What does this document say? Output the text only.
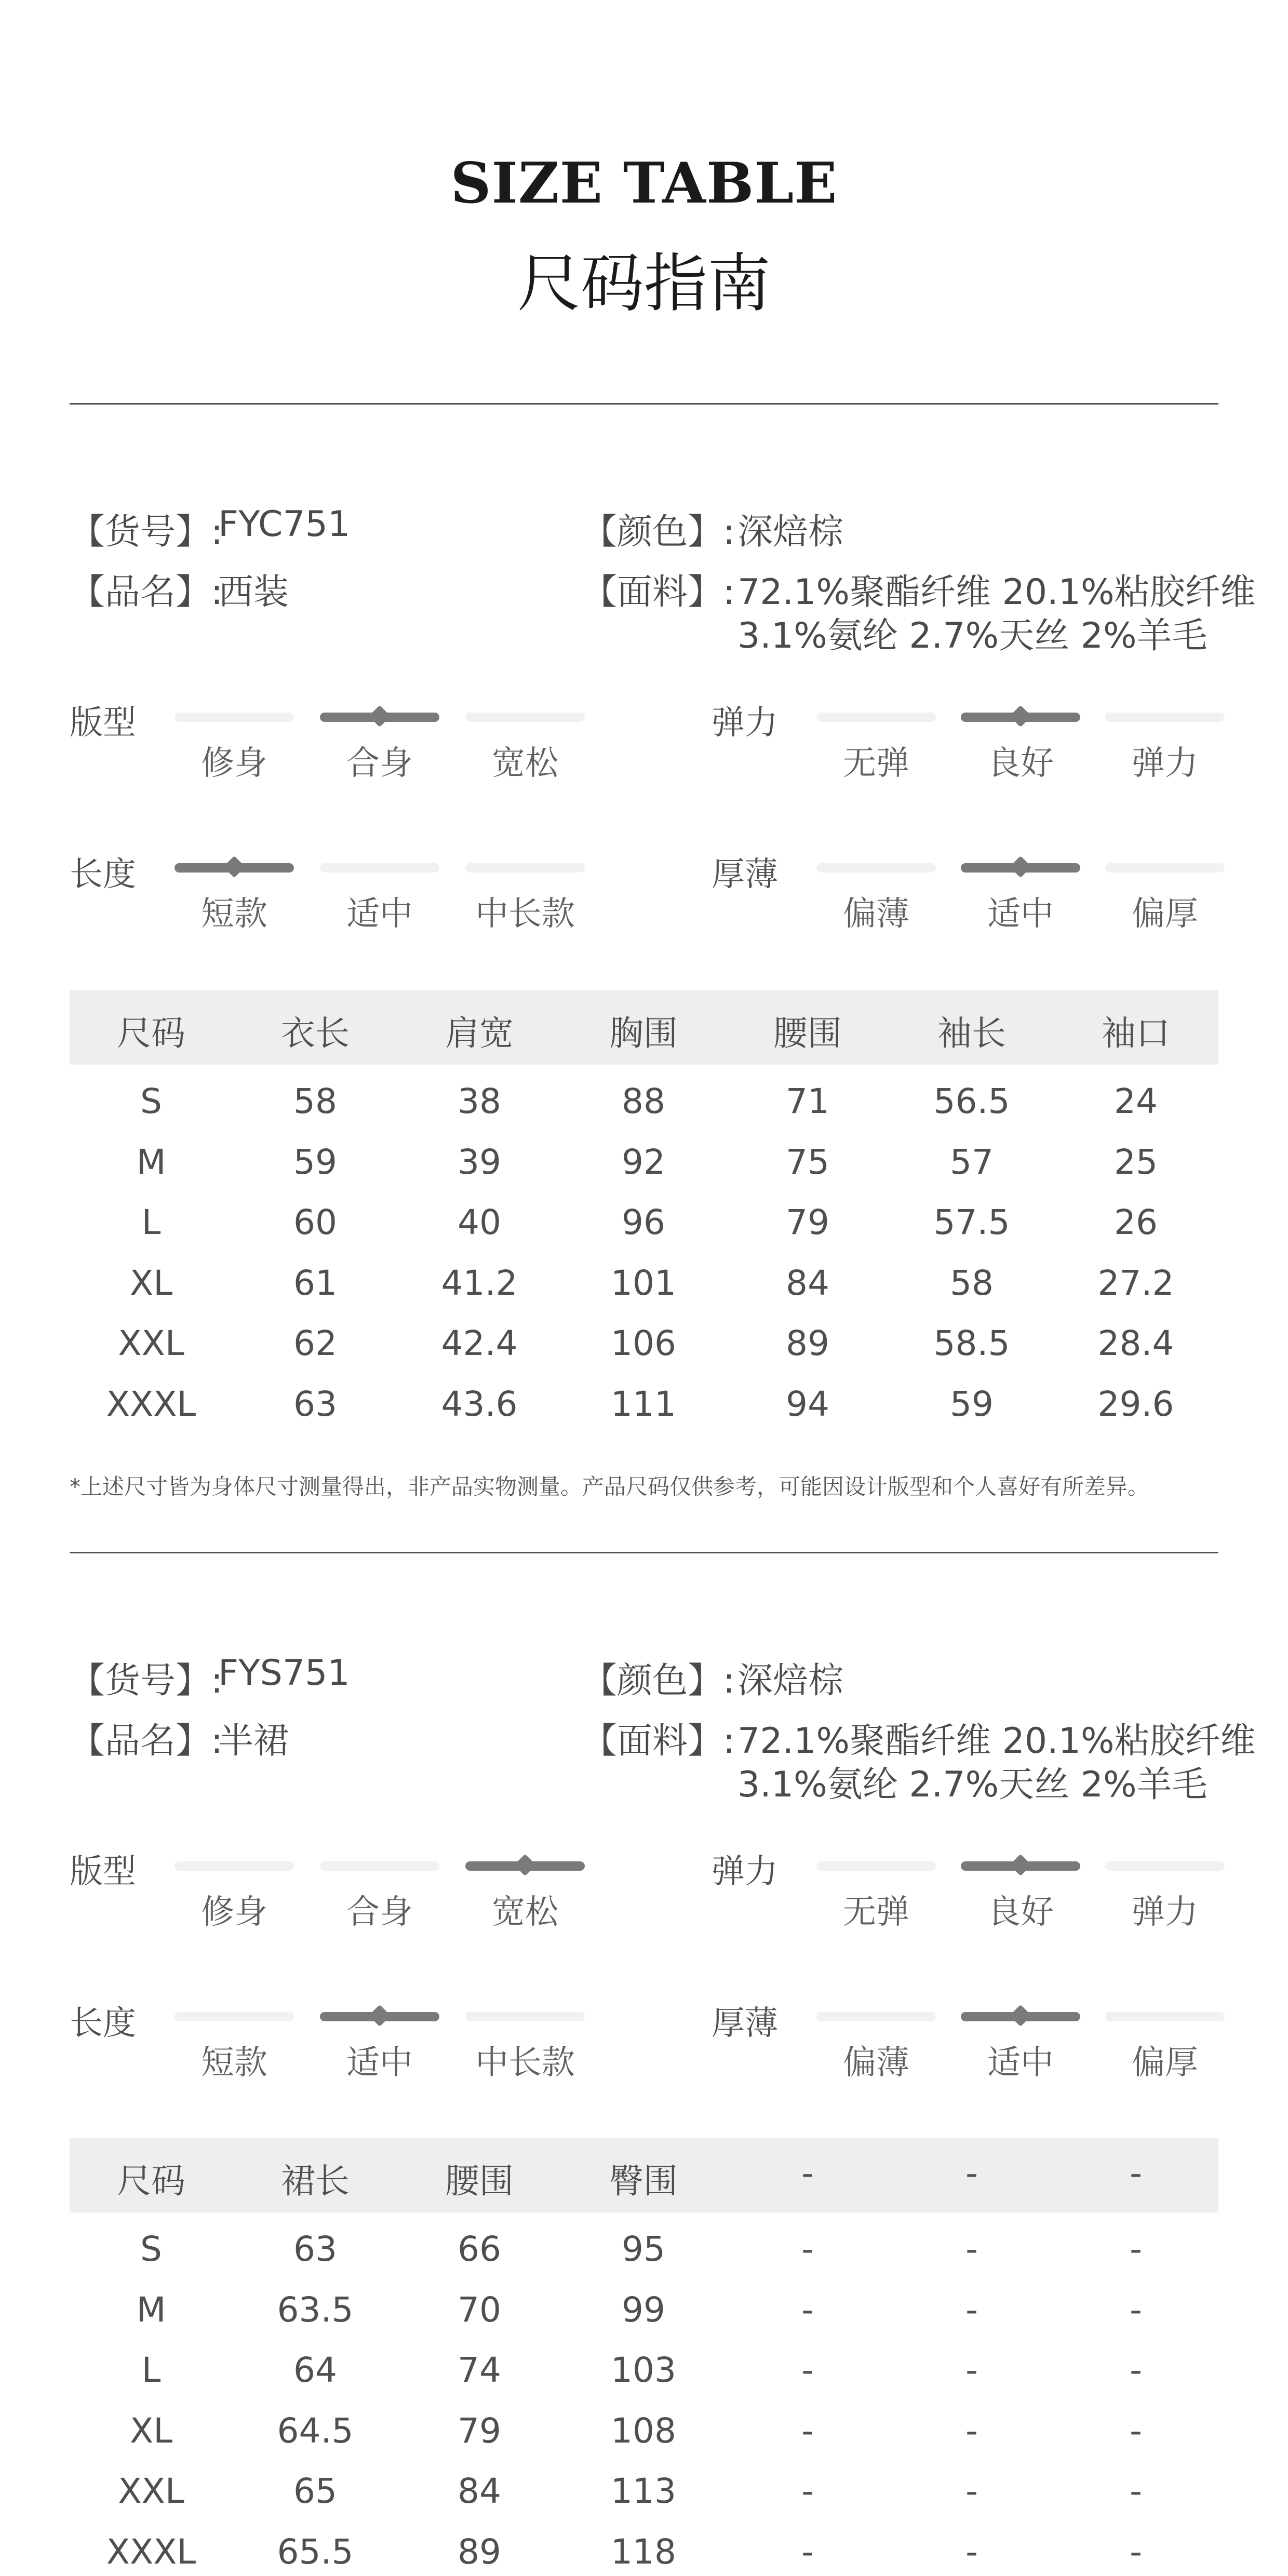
SIZE TABLE
尺码指南
【货号】:
FYC751
【品名】:
西装
【颜色】: 深焙棕
【面料】: 72.1%聚酯纤维 20.1%粘胶纤维
3.1%氨纶 2.7%天丝 2%羊毛
版型
修身	合身	宽松
弹力
无弹	良好	弹力
长度
短款	适中	中长款
厚薄
偏薄	适中	偏厚
*上述尺寸皆为身体尺寸测量得出，非产品实物测量。产品尺码仅供参考，可能因设计版型和个人喜好有所差异。
【货号】:
FYS751
【品名】:
半裙
【颜色】: 深焙棕
【面料】: 72.1%聚酯纤维 20.1%粘胶纤维
3.1%氨纶 2.7%天丝 2%羊毛
版型
修身	合身	宽松
弹力
无弹	良好	弹力
长度
短款	适中	中长款
厚薄
偏薄	适中	偏厚
尺码	衣长	肩宽	胸围	腰围	袖长	袖口
S	58	38	88	71	56.5	24
M	59	39	92	75	57	25
L	60	40	96	79	57.5	26
XL	61	41.2	101	84	58	27.2
XXL	62	42.4	106	89	58.5	28.4
XXXL	63	43.6	111	94	59	29.6
尺码	裙长	腰围	臀围	-	-	-
S	63	66	95	-	-	-
M	63.5	70	99	-	-	-
L	64	74	103	-	-	-
XL	64.5	79	108	-	-	-
XXL	65	84	113	-	-	-
XXXL	65.5	89	118	-	-	-
